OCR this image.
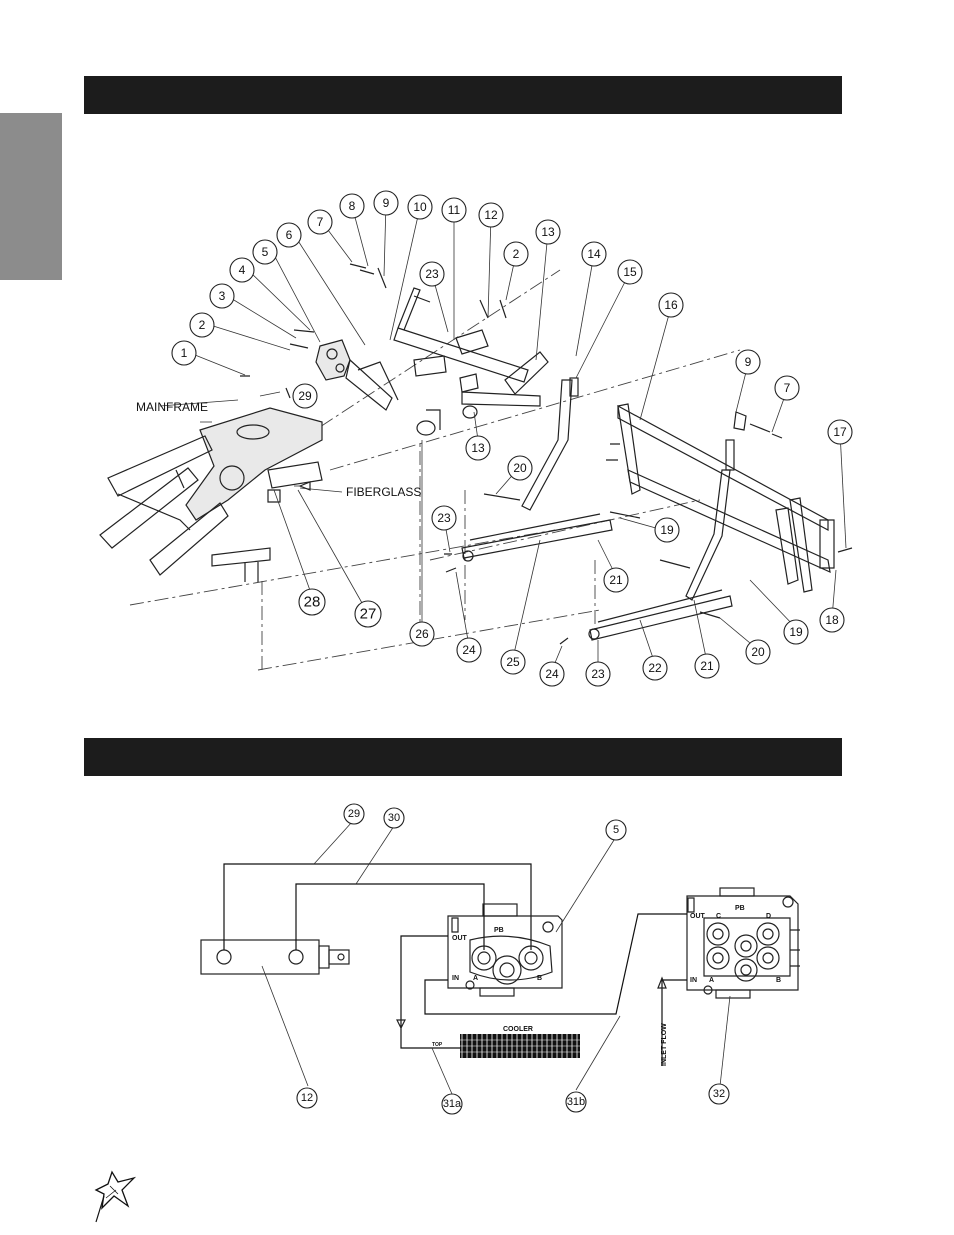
MAINFRAME
FIBERGLASS
1
2
3
4
5
6
7
8 9 10 11 12
23
2
13
14
15
16
9
7
17
29
13
20
19
23
21
28
27
26
24
25
24	23	22	21
20
19
18
OUT
IN
PB
A	B
OUT
IN
PB
A	B
C	D
COOLER
TOP	INLET FLOW
29	30
5
12	31a	31b
32
